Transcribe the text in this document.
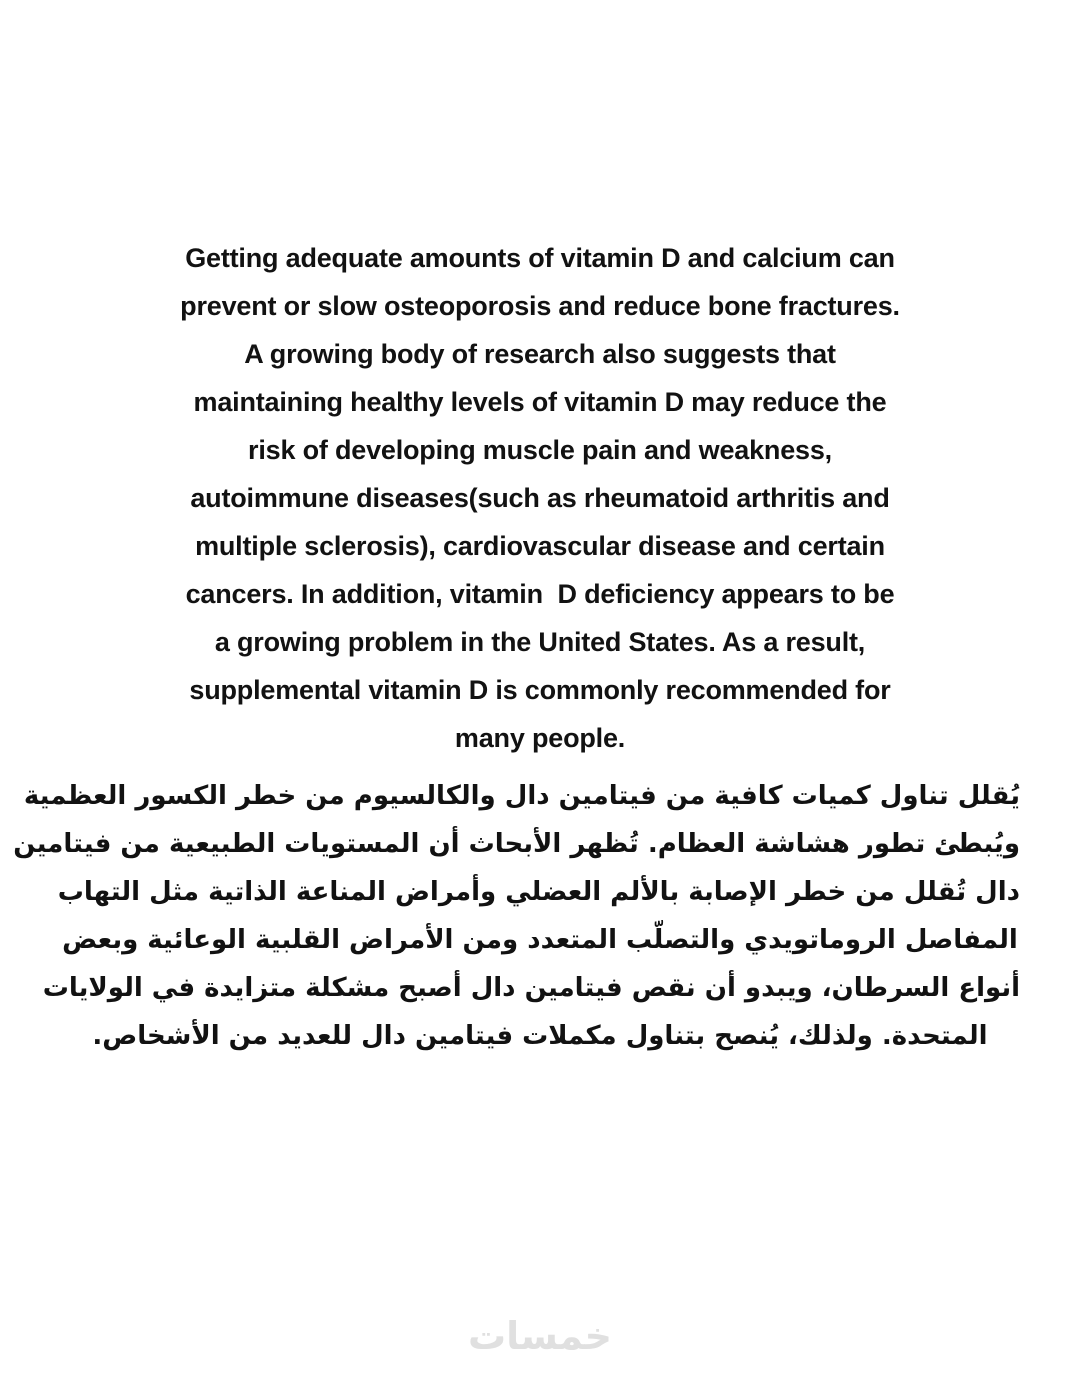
Getting adequate amounts of vitamin D and calcium can
prevent or slow osteoporosis and reduce bone fractures.
A growing body of research also suggests that
maintaining healthy levels of vitamin D may reduce the
risk of developing muscle pain and weakness,
autoimmune diseases(such as rheumatoid arthritis and
multiple sclerosis), cardiovascular disease and certain
cancers. In addition, vitamin  D deficiency appears to be
a growing problem in the United States. As a result,
supplemental vitamin D is commonly recommended for
many people.
يُقلل تناول كميات كافية من فيتامين دال والكالسيوم من خطر الكسور العظمية
ويُبطئ تطور هشاشة العظام. تُظهر الأبحاث أن المستويات الطبيعية من فيتامين
دال تُقلل من خطر الإصابة بالألم العضلي وأمراض المناعة الذاتية مثل التهاب
المفاصل الروماتويدي والتصلّب المتعدد ومن الأمراض القلبية الوعائية وبعض
أنواع السرطان، ويبدو أن نقص فيتامين دال أصبح مشكلة متزايدة في الولايات
المتحدة. ولذلك، يُنصح بتناول مكملات فيتامين دال للعديد من الأشخاص.
خمسات
